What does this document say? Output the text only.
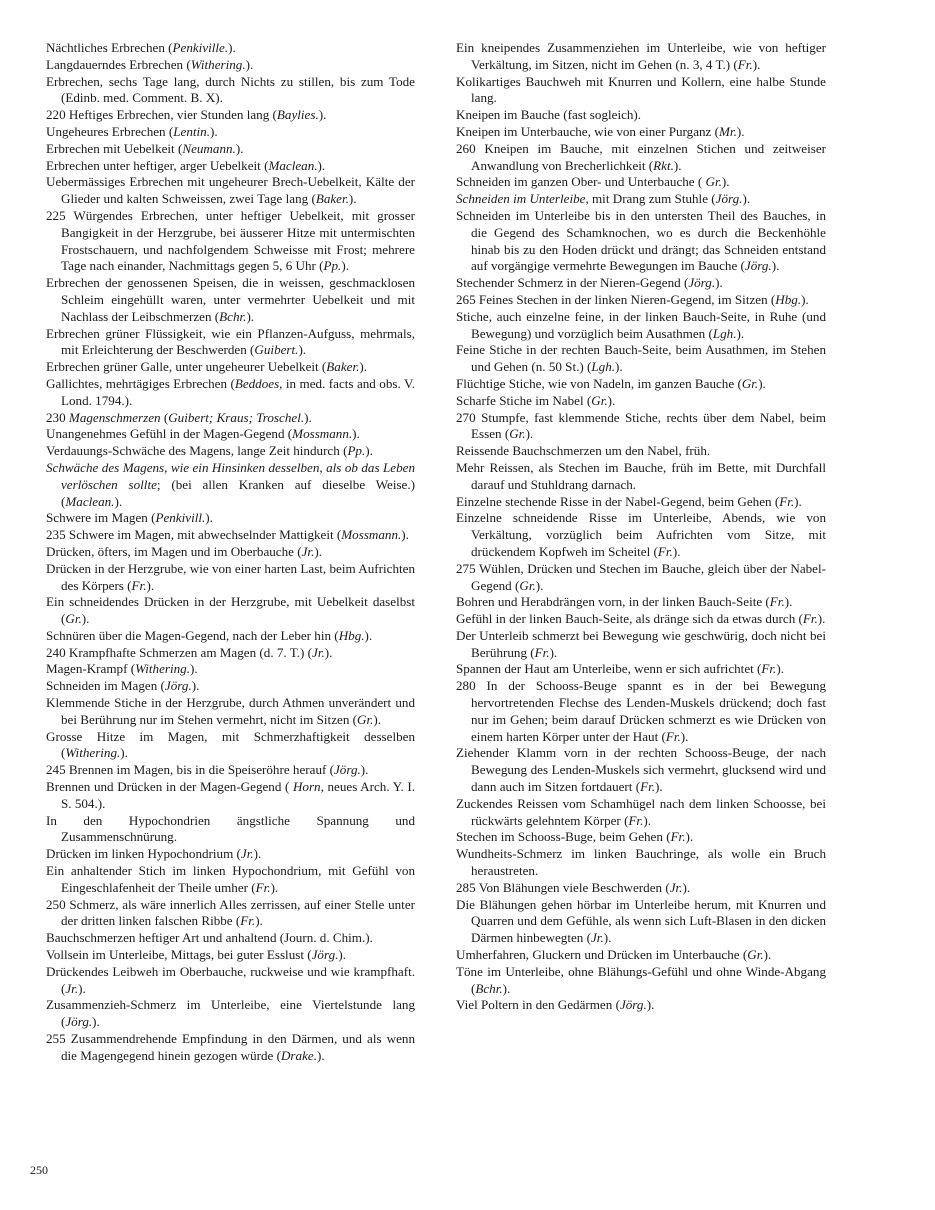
Nächtliches Erbrechen (Penkiville.).
Langdauerndes Erbrechen (Withering.).
Erbrechen, sechs Tage lang, durch Nichts zu stillen, bis zum Tode (Edinb. med. Comment. B. X).
220 Heftiges Erbrechen, vier Stunden lang (Baylies.).
Ungeheures Erbrechen (Lentin.).
Erbrechen mit Uebelkeit (Neumann.).
Erbrechen unter heftiger, arger Uebelkeit (Maclean.).
Uebermässiges Erbrechen mit ungeheurer Brech-Uebelkeit, Kälte der Glieder und kalten Schweissen, zwei Tage lang (Baker.).
225 Würgendes Erbrechen, unter heftiger Uebelkeit, mit grosser Bangigkeit in der Herzgrube, bei äusserer Hitze mit untermischten Frostschauern, und nachfolgendem Schweisse mit Frost; mehrere Tage nach einander, Nachmittags gegen 5, 6 Uhr (Pp.).
Erbrechen der genossenen Speisen, die in weissen, geschmacklosen Schleim eingehüllt waren, unter vermehrter Uebelkeit und mit Nachlass der Leibschmerzen (Bchr.).
Erbrechen grüner Flüssigkeit, wie ein Pflanzen-Aufguss, mehrmals, mit Erleichterung der Beschwerden (Guibert.).
Erbrechen grüner Galle, unter ungeheurer Uebelkeit (Baker.).
Gallichtes, mehrtägiges Erbrechen (Beddoes, in med. facts and obs. V. Lond. 1794.).
230 Magenschmerzen (Guibert; Kraus; Troschel.).
Unangenehmes Gefühl in der Magen-Gegend (Mossmann.).
Verdauungs-Schwäche des Magens, lange Zeit hindurch (Pp.).
Schwäche des Magens, wie ein Hinsinken desselben, als ob das Leben verlöschen sollte; (bei allen Kranken auf dieselbe Weise.) (Maclean.).
Schwere im Magen (Penkivill.).
235 Schwere im Magen, mit abwechselnder Mattigkeit (Mossmann.).
Drücken, öfters, im Magen und im Oberbauche (Jr.).
Drücken in der Herzgrube, wie von einer harten Last, beim Aufrichten des Körpers (Fr.).
Ein schneidendes Drücken in der Herzgrube, mit Uebelkeit daselbst (Gr.).
Schnüren über die Magen-Gegend, nach der Leber hin (Hbg.).
240 Krampfhafte Schmerzen am Magen (d. 7. T.) (Jr.).
Magen-Krampf (Withering.).
Schneiden im Magen (Jörg.).
Klemmende Stiche in der Herzgrube, durch Athmen unverändert und bei Berührung nur im Stehen vermehrt, nicht im Sitzen (Gr.).
Grosse Hitze im Magen, mit Schmerzhaftigkeit desselben (Withering.).
245 Brennen im Magen, bis in die Speiseröhre herauf (Jörg.).
Brennen und Drücken in der Magen-Gegend ( Horn, neues Arch. Y. I. S. 504.).
In den Hypochondrien ängstliche Spannung und Zusammenschnürung.
Drücken im linken Hypochondrium (Jr.).
Ein anhaltender Stich im linken Hypochondrium, mit Gefühl von Eingeschlafenheit der Theile umher (Fr.).
250 Schmerz, als wäre innerlich Alles zerrissen, auf einer Stelle unter der dritten linken falschen Ribbe (Fr.).
Bauchschmerzen heftiger Art und anhaltend (Journ. d. Chim.).
Vollsein im Unterleibe, Mittags, bei guter Esslust (Jörg.).
Drückendes Leibweh im Oberbauche, ruckweise und wie krampfhaft. (Jr.).
Zusammenzieh-Schmerz im Unterleibe, eine Viertelstunde lang (Jörg.).
255 Zusammendrehende Empfindung in den Därmen, und als wenn die Magengegend hinein gezogen würde (Drake.).
Ein kneipendes Zusammenziehen im Unterleibe, wie von heftiger Verkältung, im Sitzen, nicht im Gehen (n. 3, 4 T.) (Fr.).
Kolikartiges Bauchweh mit Knurren und Kollern, eine halbe Stunde lang.
Kneipen im Bauche (fast sogleich).
Kneipen im Unterbauche, wie von einer Purganz (Mr.).
260 Kneipen im Bauche, mit einzelnen Stichen und zeitweiser Anwandlung von Brecherlichkeit (Rkt.).
Schneiden im ganzen Ober- und Unterbauche ( Gr.).
Schneiden im Unterleibe, mit Drang zum Stuhle (Jörg.).
Schneiden im Unterleibe bis in den untersten Theil des Bauches, in die Gegend des Schamknochen, wo es durch die Beckenhöhle hinab bis zu den Hoden drückt und drängt; das Schneiden entstand auf vorgängige vermehrte Bewegungen im Bauche (Jörg.).
Stechender Schmerz in der Nieren-Gegend (Jörg.).
265 Feines Stechen in der linken Nieren-Gegend, im Sitzen (Hbg.).
Stiche, auch einzelne feine, in der linken Bauch-Seite, in Ruhe (und Bewegung) und vorzüglich beim Ausathmen (Lgh.).
Feine Stiche in der rechten Bauch-Seite, beim Ausathmen, im Stehen und Gehen (n. 50 St.) (Lgh.).
Flüchtige Stiche, wie von Nadeln, im ganzen Bauche (Gr.).
Scharfe Stiche im Nabel (Gr.).
270 Stumpfe, fast klemmende Stiche, rechts über dem Nabel, beim Essen (Gr.).
Reissende Bauchschmerzen um den Nabel, früh.
Mehr Reissen, als Stechen im Bauche, früh im Bette, mit Durchfall darauf und Stuhldrang darnach.
Einzelne stechende Risse in der Nabel-Gegend, beim Gehen (Fr.).
Einzelne schneidende Risse im Unterleibe, Abends, wie von Verkältung, vorzüglich beim Aufrichten vom Sitze, mit drückendem Kopfweh im Scheitel (Fr.).
275 Wühlen, Drücken und Stechen im Bauche, gleich über der Nabel-Gegend (Gr.).
Bohren und Herabdrängen vorn, in der linken Bauch-Seite (Fr.).
Gefühl in der linken Bauch-Seite, als dränge sich da etwas durch (Fr.).
Der Unterleib schmerzt bei Bewegung wie geschwürig, doch nicht bei Berührung (Fr.).
Spannen der Haut am Unterleibe, wenn er sich aufrichtet (Fr.).
280 In der Schooss-Beuge spannt es in der bei Bewegung hervortretenden Flechse des Lenden-Muskels drückend; doch fast nur im Gehen; beim darauf Drücken schmerzt es wie Drücken von einem harten Körper unter der Haut (Fr.).
Ziehender Klamm vorn in der rechten Schooss-Beuge, der nach Bewegung des Lenden-Muskels sich vermehrt, glucksend wird und dann auch im Sitzen fortdauert (Fr.).
Zuckendes Reissen vom Schamhügel nach dem linken Schoosse, bei rückwärts gelehntem Körper (Fr.).
Stechen im Schooss-Buge, beim Gehen (Fr.).
Wundheits-Schmerz im linken Bauchringe, als wolle ein Bruch heraustreten.
285 Von Blähungen viele Beschwerden (Jr.).
Die Blähungen gehen hörbar im Unterleibe herum, mit Knurren und Quarren und dem Gefühle, als wenn sich Luft-Blasen in den dicken Därmen hinbewegten (Jr.).
Umherfahren, Gluckern und Drücken im Unterbauche (Gr.).
Töne im Unterleibe, ohne Blähungs-Gefühl und ohne Winde-Abgang (Bchr.).
Viel Poltern in den Gedärmen (Jörg.).
250
